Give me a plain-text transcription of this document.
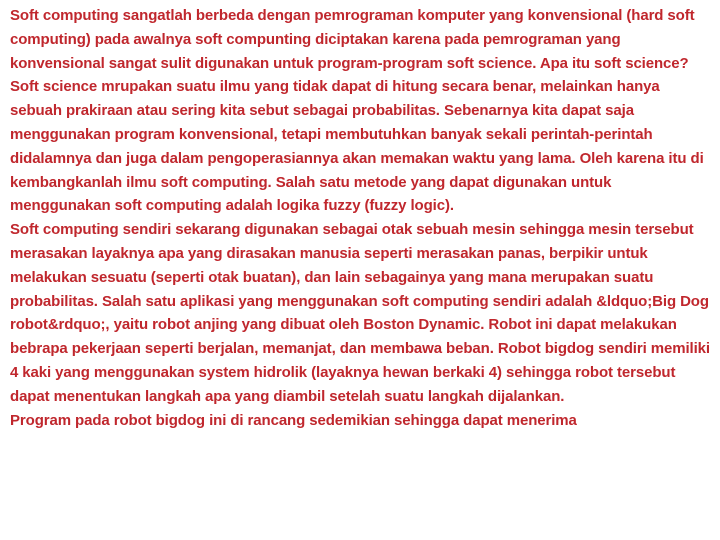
Soft computing sangatlah berbeda dengan pemrograman komputer yang konvensional (hard soft computing) pada awalnya soft compunting diciptakan karena pada pemrograman yang konvensional sangat sulit digunakan untuk program-program soft science. Apa itu soft science? Soft science mrupakan suatu ilmu yang tidak dapat di hitung secara benar, melainkan hanya sebuah prakiraan atau sering kita sebut sebagai probabilitas. Sebenarnya kita dapat saja menggunakan program konvensional, tetapi membutuhkan banyak sekali perintah-perintah didalamnya dan juga dalam pengoperasiannya akan memakan waktu yang lama. Oleh karena itu di kembangkanlah ilmu soft computing. Salah satu metode yang dapat digunakan untuk menggunakan soft computing adalah logika fuzzy (fuzzy logic).

Soft computing sendiri sekarang digunakan sebagai otak sebuah mesin sehingga mesin tersebut merasakan layaknya apa yang dirasakan manusia seperti merasakan panas, berpikir untuk melakukan sesuatu (seperti otak buatan), dan lain sebagainya yang mana merupakan suatu probabilitas. Salah satu aplikasi yang menggunakan soft computing sendiri adalah &ldquo;Big Dog robot&rdquo;, yaitu robot anjing yang dibuat oleh Boston Dynamic. Robot ini dapat melakukan bebrapa pekerjaan seperti berjalan, memanjat, dan membawa beban. Robot bigdog sendiri memiliki 4 kaki yang menggunakan system hidrolik (layaknya hewan berkaki 4) sehingga robot tersebut dapat menentukan langkah apa yang diambil setelah suatu langkah dijalankan.

Program pada robot bigdog ini di rancang sedemikian sehingga dapat menerima
